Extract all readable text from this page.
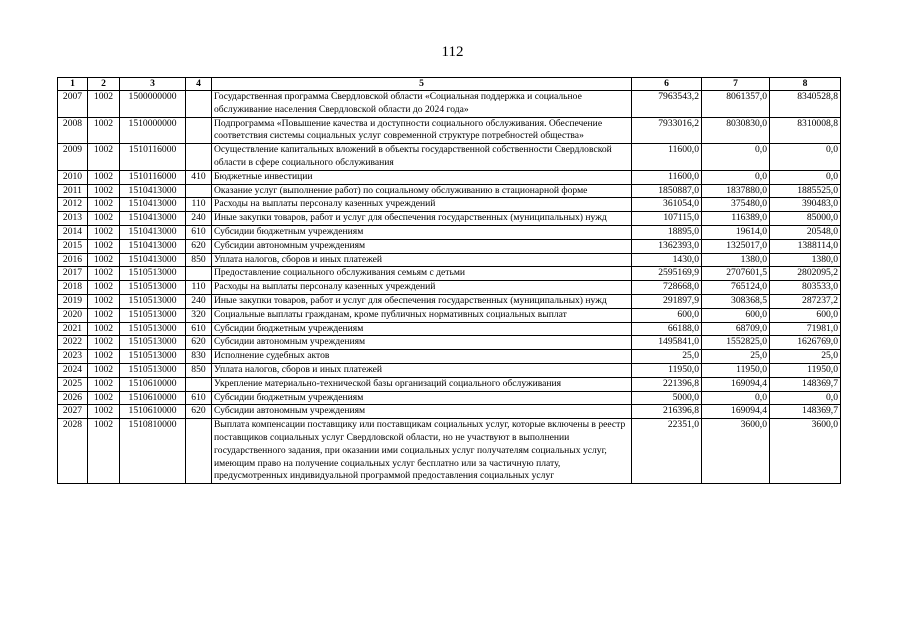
112
1	2	3	4	5	6	7	8
2007	1002	1500000000		Государственная программа Свердловской области «Социальная поддержка и социальное обслуживание населения Свердловской области до 2024 года»	7963543,2	8061357,0	8340528,8
2008	1002	1510000000		Подпрограмма «Повышение качества и доступности социального обслуживания. Обеспечение соответствия системы социальных услуг современной структуре потребностей общества»	7933016,2	8030830,0	8310008,8
2009	1002	1510116000		Осуществление капитальных вложений в объекты государственной собственности Свердловской области в сфере социального обслуживания	11600,0	0,0	0,0
2010	1002	1510116000	410	Бюджетные инвестиции	11600,0	0,0	0,0
2011	1002	1510413000		Оказание услуг (выполнение работ) по социальному обслуживанию в стационарной форме	1850887,0	1837880,0	1885525,0
2012	1002	1510413000	110	Расходы на выплаты персоналу казенных учреждений	361054,0	375480,0	390483,0
2013	1002	1510413000	240	Иные закупки товаров, работ и услуг для обеспечения государственных (муниципальных) нужд	107115,0	116389,0	85000,0
2014	1002	1510413000	610	Субсидии бюджетным учреждениям	18895,0	19614,0	20548,0
2015	1002	1510413000	620	Субсидии автономным учреждениям	1362393,0	1325017,0	1388114,0
2016	1002	1510413000	850	Уплата налогов, сборов и иных платежей	1430,0	1380,0	1380,0
2017	1002	1510513000		Предоставление социального обслуживания семьям с детьми	2595169,9	2707601,5	2802095,2
2018	1002	1510513000	110	Расходы на выплаты персоналу казенных учреждений	728668,0	765124,0	803533,0
2019	1002	1510513000	240	Иные закупки товаров, работ и услуг для обеспечения государственных (муниципальных) нужд	291897,9	308368,5	287237,2
2020	1002	1510513000	320	Социальные выплаты гражданам, кроме публичных нормативных социальных выплат	600,0	600,0	600,0
2021	1002	1510513000	610	Субсидии бюджетным учреждениям	66188,0	68709,0	71981,0
2022	1002	1510513000	620	Субсидии автономным учреждениям	1495841,0	1552825,0	1626769,0
2023	1002	1510513000	830	Исполнение судебных актов	25,0	25,0	25,0
2024	1002	1510513000	850	Уплата налогов, сборов и иных платежей	11950,0	11950,0	11950,0
2025	1002	1510610000		Укрепление материально-технической базы организаций социального обслуживания	221396,8	169094,4	148369,7
2026	1002	1510610000	610	Субсидии бюджетным учреждениям	5000,0	0,0	0,0
2027	1002	1510610000	620	Субсидии автономным учреждениям	216396,8	169094,4	148369,7
2028	1002	1510810000		Выплата компенсации поставщику или поставщикам социальных услуг, которые включены в реестр поставщиков социальных услуг Свердловской области, но не участвуют в выполнении государственного задания, при оказании ими социальных услуг получателям социальных услуг, имеющим право на получение социальных услуг бесплатно или за частичную плату, предусмотренных индивидуальной программой предоставления социальных услуг	22351,0	3600,0	3600,0
